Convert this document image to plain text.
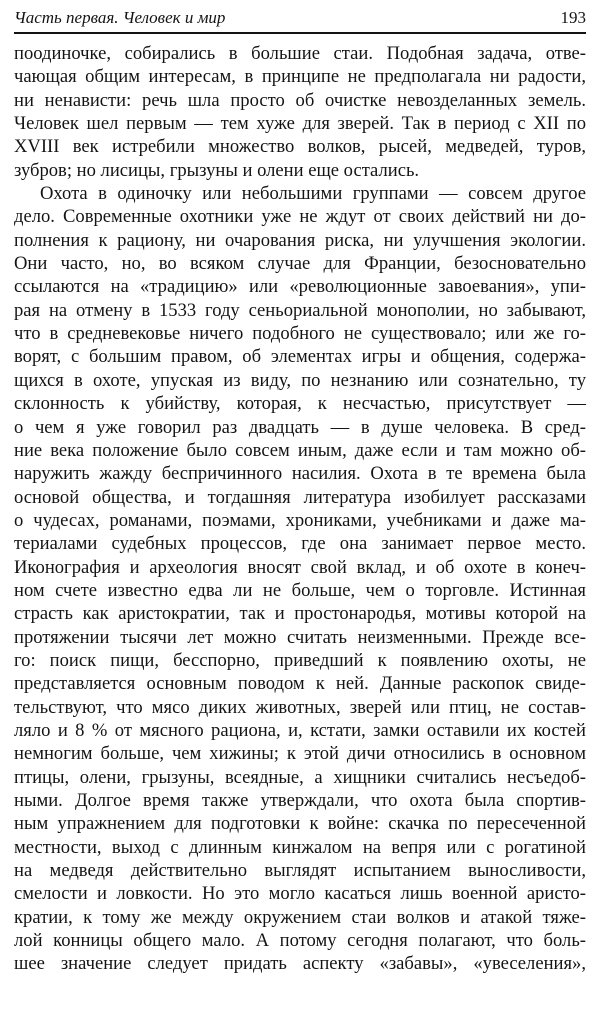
Часть первая. Человек и мир	193
поодиночке, собирались в большие стаи. Подобная задача, отве-
чающая общим интересам, в принципе не предполагала ни радости,
ни ненависти: речь шла просто об очистке невозделанных земель.
Человек шел первым — тем хуже для зверей. Так в период с XII по
XVIII век истребили множество волков, рысей, медведей, туров,
зубров; но лисицы, грызуны и олени еще остались.
Охота в одиночку или небольшими группами — совсем другое
дело. Современные охотники уже не ждут от своих действий ни до-
полнения к рациону, ни очарования риска, ни улучшения экологии.
Они часто, но, во всяком случае для Франции, безосновательно
ссылаются на «традицию» или «революционные завоевания», упи-
рая на отмену в 1533 году сеньориальной монополии, но забывают,
что в средневековье ничего подобного не существовало; или же го-
ворят, с большим правом, об элементах игры и общения, содержа-
щихся в охоте, упуская из виду, по незнанию или сознательно, ту
склонность к убийству, которая, к несчастью, присутствует —
о чем я уже говорил раз двадцать — в душе человека. В сред-
ние века положение было совсем иным, даже если и там можно об-
наружить жажду беспричинного насилия. Охота в те времена была
основой общества, и тогдашняя литература изобилует рассказами
о чудесах, романами, поэмами, хрониками, учебниками и даже ма-
териалами судебных процессов, где она занимает первое место.
Иконография и археология вносят свой вклад, и об охоте в конеч-
ном счете известно едва ли не больше, чем о торговле. Истинная
страсть как аристократии, так и простонародья, мотивы которой на
протяжении тысячи лет можно считать неизменными. Прежде все-
го: поиск пищи, бесспорно, приведший к появлению охоты, не
представляется основным поводом к ней. Данные раскопок свиде-
тельствуют, что мясо диких животных, зверей или птиц, не состав-
ляло и 8 % от мясного рациона, и, кстати, замки оставили их костей
немногим больше, чем хижины; к этой дичи относились в основном
птицы, олени, грызуны, всеядные, а хищники считались несъедоб-
ными. Долгое время также утверждали, что охота была спортив-
ным упражнением для подготовки к войне: скачка по пересеченной
местности, выход с длинным кинжалом на вепря или с рогатиной
на медведя действительно выглядят испытанием выносливости,
смелости и ловкости. Но это могло касаться лишь военной аристо-
кратии, к тому же между окружением стаи волков и атакой тяже-
лой конницы общего мало. А потому сегодня полагают, что боль-
шее значение следует придать аспекту «забавы», «увеселения»,
